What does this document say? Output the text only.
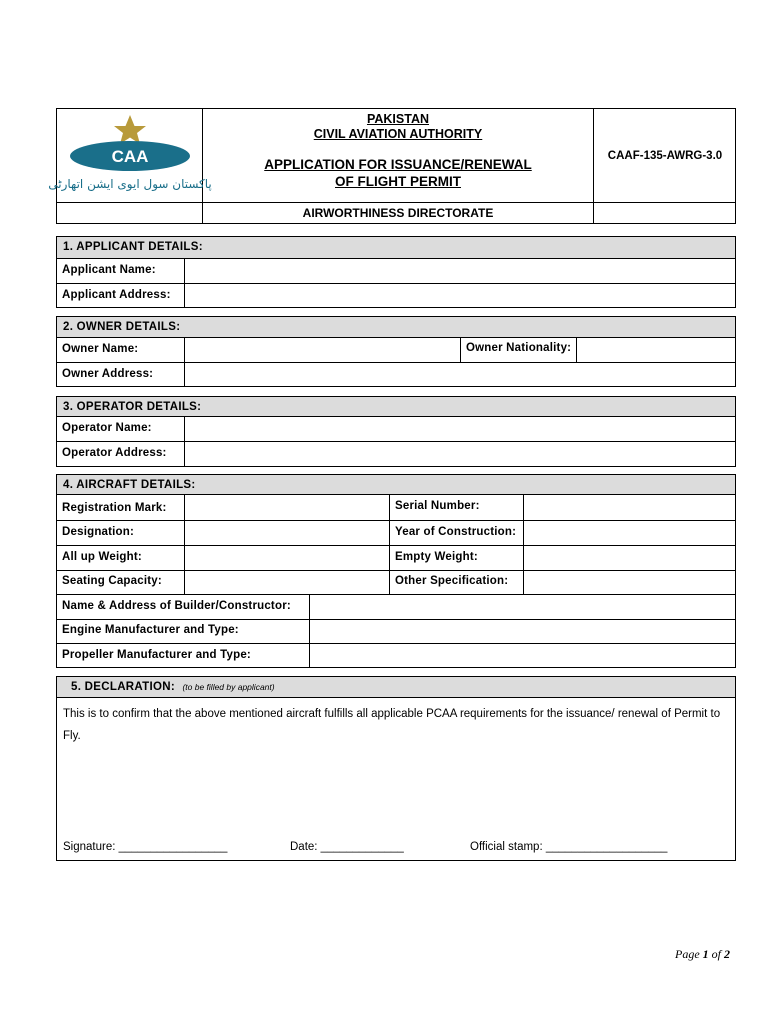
CAA
پاکستان سول ایوی ایشن اتھارٹی
PAKISTAN
CIVIL AVIATION AUTHORITY
APPLICATION FOR ISSUANCE/RENEWAL
OF FLIGHT PERMIT
CAAF-135-AWRG-3.0
AIRWORTHINESS DIRECTORATE
1. APPLICANT DETAILS:
Applicant Name:
Applicant Address:
2. OWNER DETAILS:
Owner Name:	Owner Nationality:
Owner Address:
3. OPERATOR DETAILS:
Operator Name:
Operator Address:
4. AIRCRAFT DETAILS:
Registration Mark:	Serial Number:
Designation:	Year of Construction:
All up Weight:	Empty Weight:
Seating Capacity:	Other Specification:
Name & Address of Builder/Constructor:
Engine Manufacturer and Type:
Propeller Manufacturer and Type:
5. DECLARATION: (to be filled by applicant)
This is to confirm that the above mentioned aircraft fulfills all applicable PCAA requirements for the issuance/ renewal of Permit to Fly.
Signature: _________________	Date: _____________	Official stamp: ___________________
Page 1 of 2
